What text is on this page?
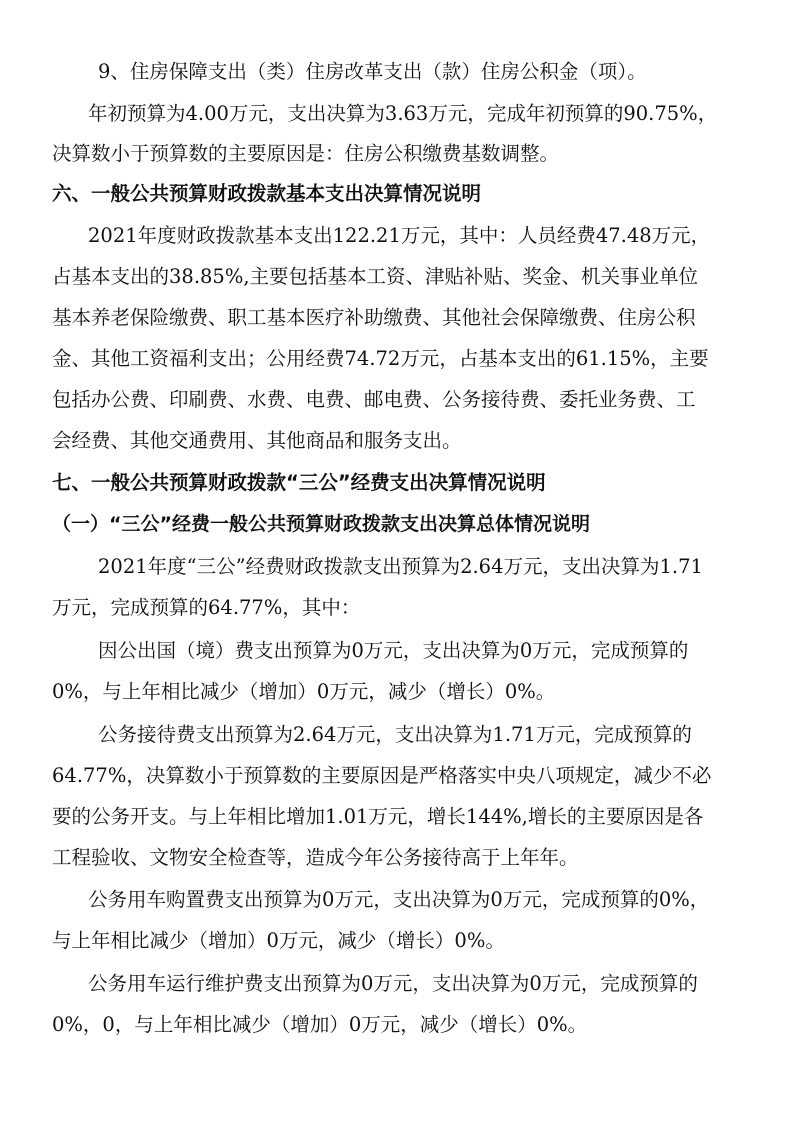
9、住房保障支出（类）住房改革支出（款）住房公积金（项）。
年初预算为4.00万元，支出决算为3.63万元，完成年初预算的90.75%，
决算数小于预算数的主要原因是：住房公积缴费基数调整。
六、一般公共预算财政拨款基本支出决算情况说明
2021年度财政拨款基本支出122.21万元，其中：人员经费47.48万元，
占基本支出的38.85%,主要包括基本工资、津贴补贴、奖金、机关事业单位
基本养老保险缴费、职工基本医疗补助缴费、其他社会保障缴费、住房公积
金、其他工资福利支出；公用经费74.72万元，占基本支出的61.15%，主要
包括办公费、印刷费、水费、电费、邮电费、公务接待费、委托业务费、工
会经费、其他交通费用、其他商品和服务支出。
七、一般公共预算财政拨款“三公”经费支出决算情况说明
（一）“三公”经费一般公共预算财政拨款支出决算总体情况说明
2021年度“三公”经费财政拨款支出预算为2.64万元，支出决算为1.71
万元，完成预算的64.77%，其中：
因公出国（境）费支出预算为0万元，支出决算为0万元，完成预算的
0%，与上年相比减少（增加）0万元，减少（增长）0%。
公务接待费支出预算为2.64万元，支出决算为1.71万元，完成预算的
64.77%，决算数小于预算数的主要原因是严格落实中央八项规定，减少不必
要的公务开支。与上年相比增加1.01万元，增长144%,增长的主要原因是各
工程验收、文物安全检查等，造成今年公务接待高于上年年。
公务用车购置费支出预算为0万元，支出决算为0万元，完成预算的0%，
与上年相比减少（增加）0万元，减少（增长）0%。
公务用车运行维护费支出预算为0万元，支出决算为0万元，完成预算的
0%，0，与上年相比减少（增加）0万元，减少（增长）0%。
